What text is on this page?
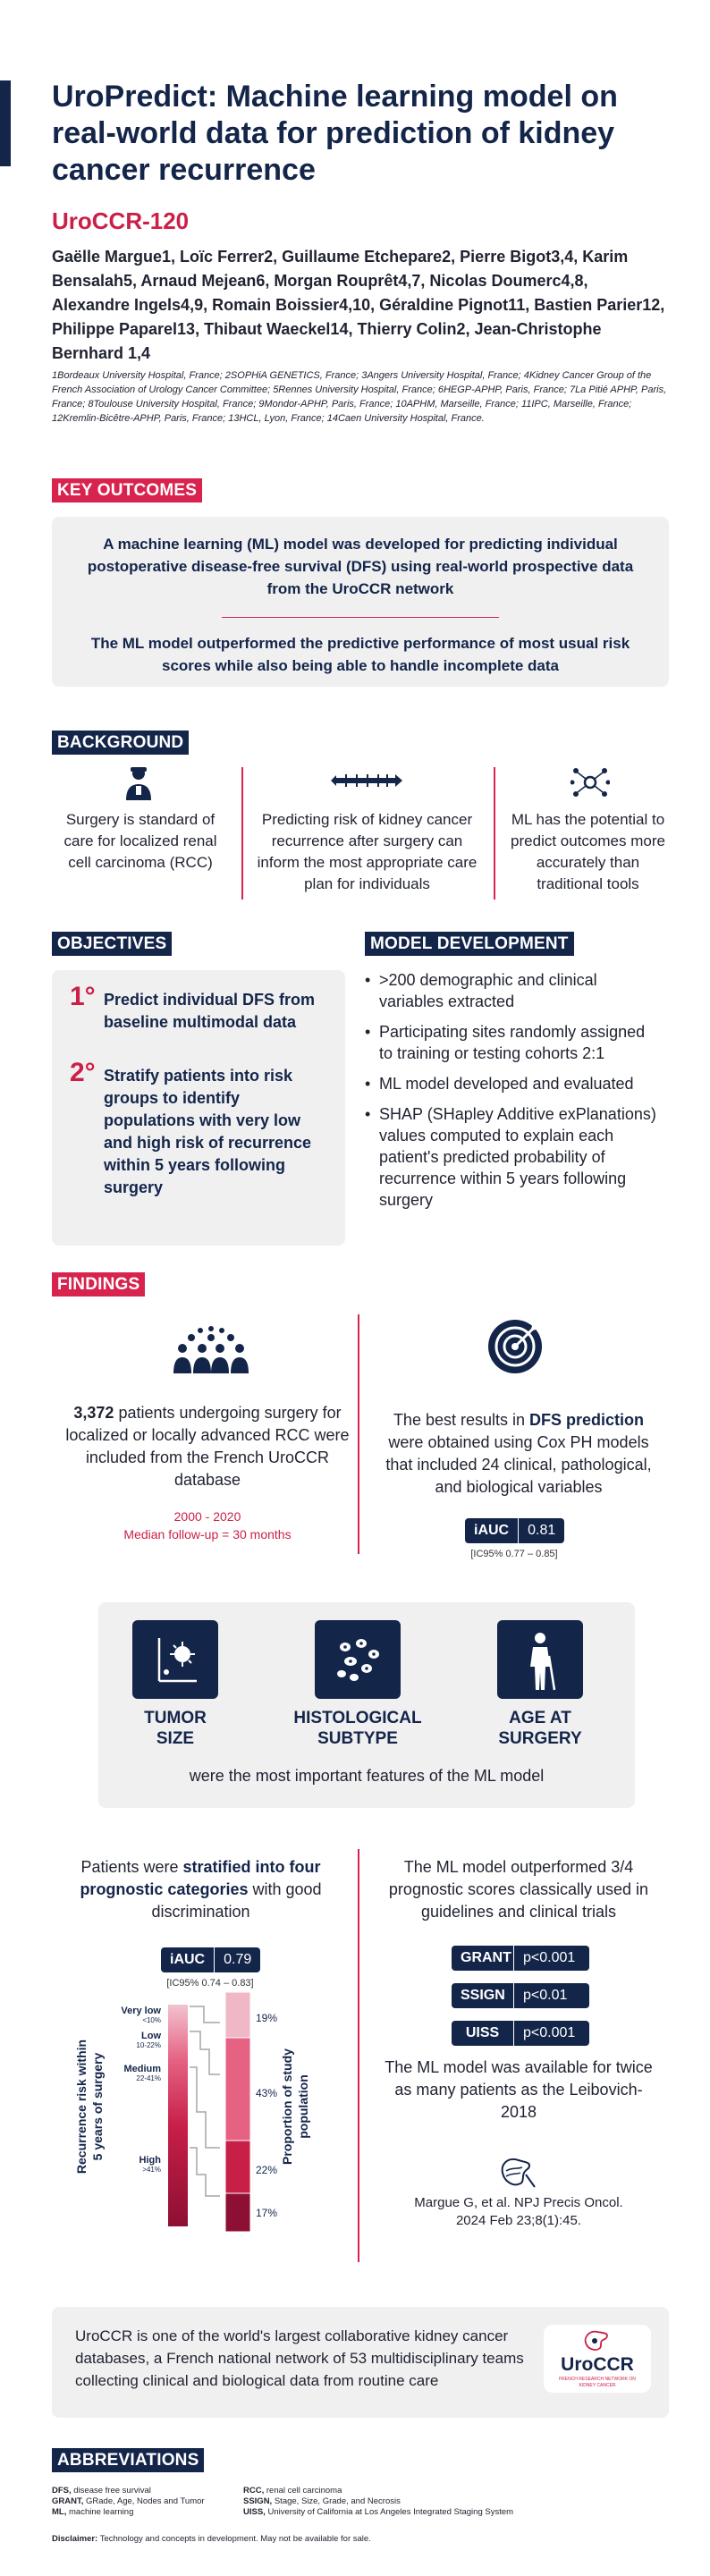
UroPredict: Machine learning model on real-world data for prediction of kidney cancer recurrence
UroCCR-120
Gaëlle Margue1, Loïc Ferrer2, Guillaume Etchepare2, Pierre Bigot3,4, Karim Bensalah5, Arnaud Mejean6, Morgan Rouprêt4,7, Nicolas Doumerc4,8, Alexandre Ingels4,9, Romain Boissier4,10, Géraldine Pignot11, Bastien Parier12, Philippe Paparel13, Thibaut Waeckel14, Thierry Colin2, Jean-Christophe Bernhard 1,4
1Bordeaux University Hospital, France; 2SOPHiA GENETICS, France; 3Angers University Hospital, France; 4Kidney Cancer Group of the French Association of Urology Cancer Committee; 5Rennes University Hospital, France; 6HEGP-APHP, Paris, France; 7La Pitié APHP, Paris, France; 8Toulouse University Hospital, France; 9Mondor-APHP, Paris, France; 10APHM, Marseille, France; 11IPC, Marseille, France; 12Kremlin-Bicêtre-APHP, Paris, France; 13HCL, Lyon, France; 14Caen University Hospital, France.
KEY OUTCOMES
A machine learning (ML) model was developed for predicting individual postoperative disease-free survival (DFS) using real-world prospective data from the UroCCR network
The ML model outperformed the predictive performance of most usual risk scores while also being able to handle incomplete data
BACKGROUND
Surgery is standard of care for localized renal cell carcinoma (RCC)
Predicting risk of kidney cancer recurrence after surgery can inform the most appropriate care plan for individuals
ML has the potential to predict outcomes more accurately than traditional tools
OBJECTIVES
1° Predict individual DFS from baseline multimodal data
2° Stratify patients into risk groups to identify populations with very low and high risk of recurrence within 5 years following surgery
MODEL DEVELOPMENT
• >200 demographic and clinical variables extracted
• Participating sites randomly assigned to training or testing cohorts 2:1
• ML model developed and evaluated
• SHAP (SHapley Additive exPlanations) values computed to explain each patient's predicted probability of recurrence within 5 years following surgery
FINDINGS
3,372 patients undergoing surgery for localized or locally advanced RCC were included from the French UroCCR database
2000 - 2020
Median follow-up = 30 months
The best results in DFS prediction were obtained using Cox PH models that included 24 clinical, pathological, and biological variables
iAUC	0.81
[IC95% 0.77 – 0.85]
TUMOR SIZE
HISTOLOGICAL SUBTYPE
AGE AT SURGERY
were the most important features of the ML model
Patients were stratified into four prognostic categories with good discrimination
iAUC	0.79
[IC95% 0.74 – 0.83]
Recurrence risk within 5 years of surgery
Very low
<10%
Low
10-22%
Medium
22-41%
High
>41%
19%
43%
22%
17%
Proportion of study population
The ML model outperformed 3/4 prognostic scores classically used in guidelines and clinical trials
GRANT p<0.001
SSIGN	p<0.01
UISS	p<0.001
The ML model was available for twice as many patients as the Leibovich-2018
Margue G, et al. NPJ Precis Oncol.
2024 Feb 23;8(1):45.
UroCCR is one of the world's largest collaborative kidney cancer databases, a French national network of 53 multidisciplinary teams collecting clinical and biological data from routine care
UroCCR
FRENCH RESEARCH NETWORK ON KIDNEY CANCER
ABBREVIATIONS
DFS, disease free survival
GRANT, GRade, Age, Nodes and Tumor
ML, machine learning
RCC, renal cell carcinoma
SSIGN, Stage, Size, Grade, and Necrosis
UISS, University of California at Los Angeles Integrated Staging System
Disclaimer: Technology and concepts in development. May not be available for sale.
